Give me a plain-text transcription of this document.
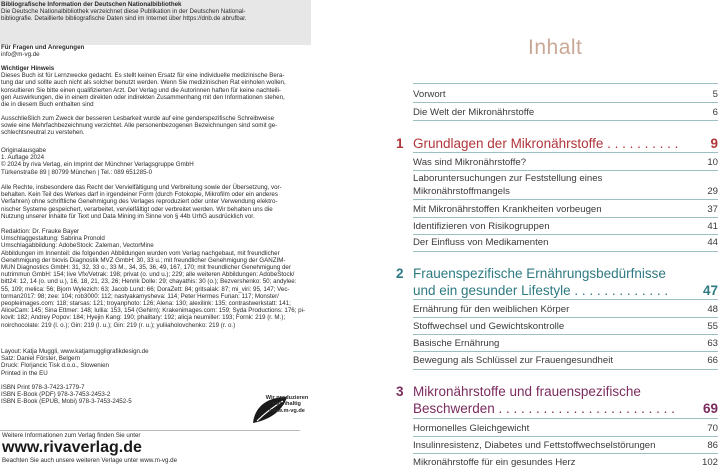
Bibliografische Information der Deutschen Nationalbibliothek

Die Deutsche Nationalbibliothek verzeichnet diese Publikation in der Deutschen National-
bibliografie. Detaillierte bibliografische Daten sind im Internet über https://dnb.de abrufbar.

Für Fragen und Anregungen

info@m-vg.de

Wichtiger Hinweis

Dieses Buch ist für Lernzwecke gedacht. Es stellt keinen Ersatz für eine individuelle medizinische Bera-
tung dar und sollte auch nicht als solcher benutzt werden. Wenn Sie medizinischen Rat einholen wollen,
konsultieren Sie bitte einen qualifizierten Arzt. Der Verlag und die Autorinnen haften für keine nachteili-
gen Auswirkungen, die in einem direkten oder indirekten Zusammenhang mit den Informationen stehen,
die in diesem Buch enthalten sind

Ausschließlich zum Zweck der besseren Lesbarkeit wurde auf eine genderspezifische Schreibweise
sowie eine Mehrfachbezeichnung verzichtet. Alle personenbezogenen Bezeichnungen sind somit ge-
schlechtsneutral zu verstehen.

Originalausgabe
1. Auflage 2024
© 2024 by riva Verlag, ein Imprint der Münchner Verlagsgruppe GmbH
Türkenstraße 89 | 80799 München | Tel.: 089 651285-0

Alle Rechte, insbesondere das Recht der Vervielfältigung und Verbreitung sowie der Übersetzung, vor-
behalten. Kein Teil des Werkes darf in irgendeiner Form (durch Fotokopie, Mikrofilm oder ein anderes
Verfahren) ohne schriftliche Genehmigung des Verlages reproduziert oder unter Verwendung elektro-
nischer Systeme gespeichert, verarbeitet, vervielfältigt oder verbreitet werden. Wir behalten uns die
Nutzung unserer Inhalte für Text und Data Mining im Sinne von § 44b UrhG ausdrücklich vor.

Redaktion: Dr. Frauke Bayer
Umschlaggestaltung: Sabrina Pronold
Umschlagabbildung: AdobeStock: Zaleman, VectorMine
Abbildungen im Innenteil: die folgenden Abbildungen wurden vom Verlag nachgebaut, mit freundlicher
Genehmigung der biovis Diagnostik MVZ GmbH: 30, 33 u.; mit freundlicher Genehmigung der GANZIM-
MUN Diagnostics GmbH: 31, 32, 33 o., 33 M., 34, 35, 36, 49, 167, 170; mit freundlicher Genehmigung der
nutrimmun GmbH: 154; live Vfx/Vetrak: 198; privat (o. und u.); 229; alle weiteren Abbildungen: AdobeStock/
bitt24: 12, 14 (o. und u.), 16, 18, 21, 23, 26; Henrik Dolle: 29; chayathis: 30 (o.); Bezvershenko: 50; andylee:
55, 109; melica: 56; Bjorn Wylezich: 63; Jacob Lund: 66; DoraZett: 84; gritsalak: 87; mi_viri: 95, 147; Vec-
torman2017: 98; zee: 104; rob3000: 112; nastyakamysheva: 114; Peter Hermes Furian: 117; Monster/
peopleimages.com: 118; starsas: 121; troyanphoto: 126; Alena: 130; alexilink: 135; contrastwerkstatt: 141;
AliceCam: 145; Sina Ettmer: 148; Iullia: 153, 154 (Gehirn); Krakenimages.com: 159; Syda Productions: 176; pi-
kovit: 182; Andrey Popov: 184; Hyejin Kang: 190; phalitary: 192; alicja neumiller: 193; Fornk: 219 (r. M.);
noirchocolate: 219 (l. o.); Gin: 219 (l. u.); Gin: 219 (r. u.); yuliiaholovchenko: 219 (r. o.)

Layout: Katja Muggli, www.katjamuggligrafikdesign.de
Satz: Daniel Förster, Belgern
Druck: Florjancic Tisk d.o.o., Slowenien
Printed in the EU

ISBN Print 978-3-7423-1779-7
ISBN E-Book (PDF) 978-3-7453-2453-2
ISBN E-Book (EPUB, Mobi) 978-3-7453-2452-5

Wir produzieren
nachhaltig
www.m-vg.de

Weitere Informationen zum Verlag finden Sie unter

www.rivaverlag.de

Beachten Sie auch unsere weiteren Verlage unter www.m-vg.de

Inhalt
Vorwort	5
Die Welt der Mikronährstoffe	6
1 Grundlagen der Mikronährstoffe . . . . . . . . . .	9
Was sind Mikronährstoffe?	10
Laboruntersuchungen zur Feststellung eines
Mikronährstoffmangels	29
Mit Mikronährstoffen Krankheiten vorbeugen	37
Identifizieren von Risikogruppen	41
Der Einfluss von Medikamenten	44
2 Frauenspezifische Ernährungsbedürfnisse
und ein gesunder Lifestyle . . . . . . . . . . . . .	47
Ernährung für den weiblichen Körper	48
Stoffwechsel und Gewichtskontrolle	55
Basische Ernährung	63
Bewegung als Schlüssel zur Frauengesundheit	66
3 Mikronährstoffe und frauenspezifische
Beschwerden . . . . . . . . . . . . . . . . . . . . . . . .	69
Hormonelles Gleichgewicht	70
Insulinresistenz, Diabetes und Fettstoffwechselstörungen	86
Mikronährstoffe für ein gesundes Herz	102
